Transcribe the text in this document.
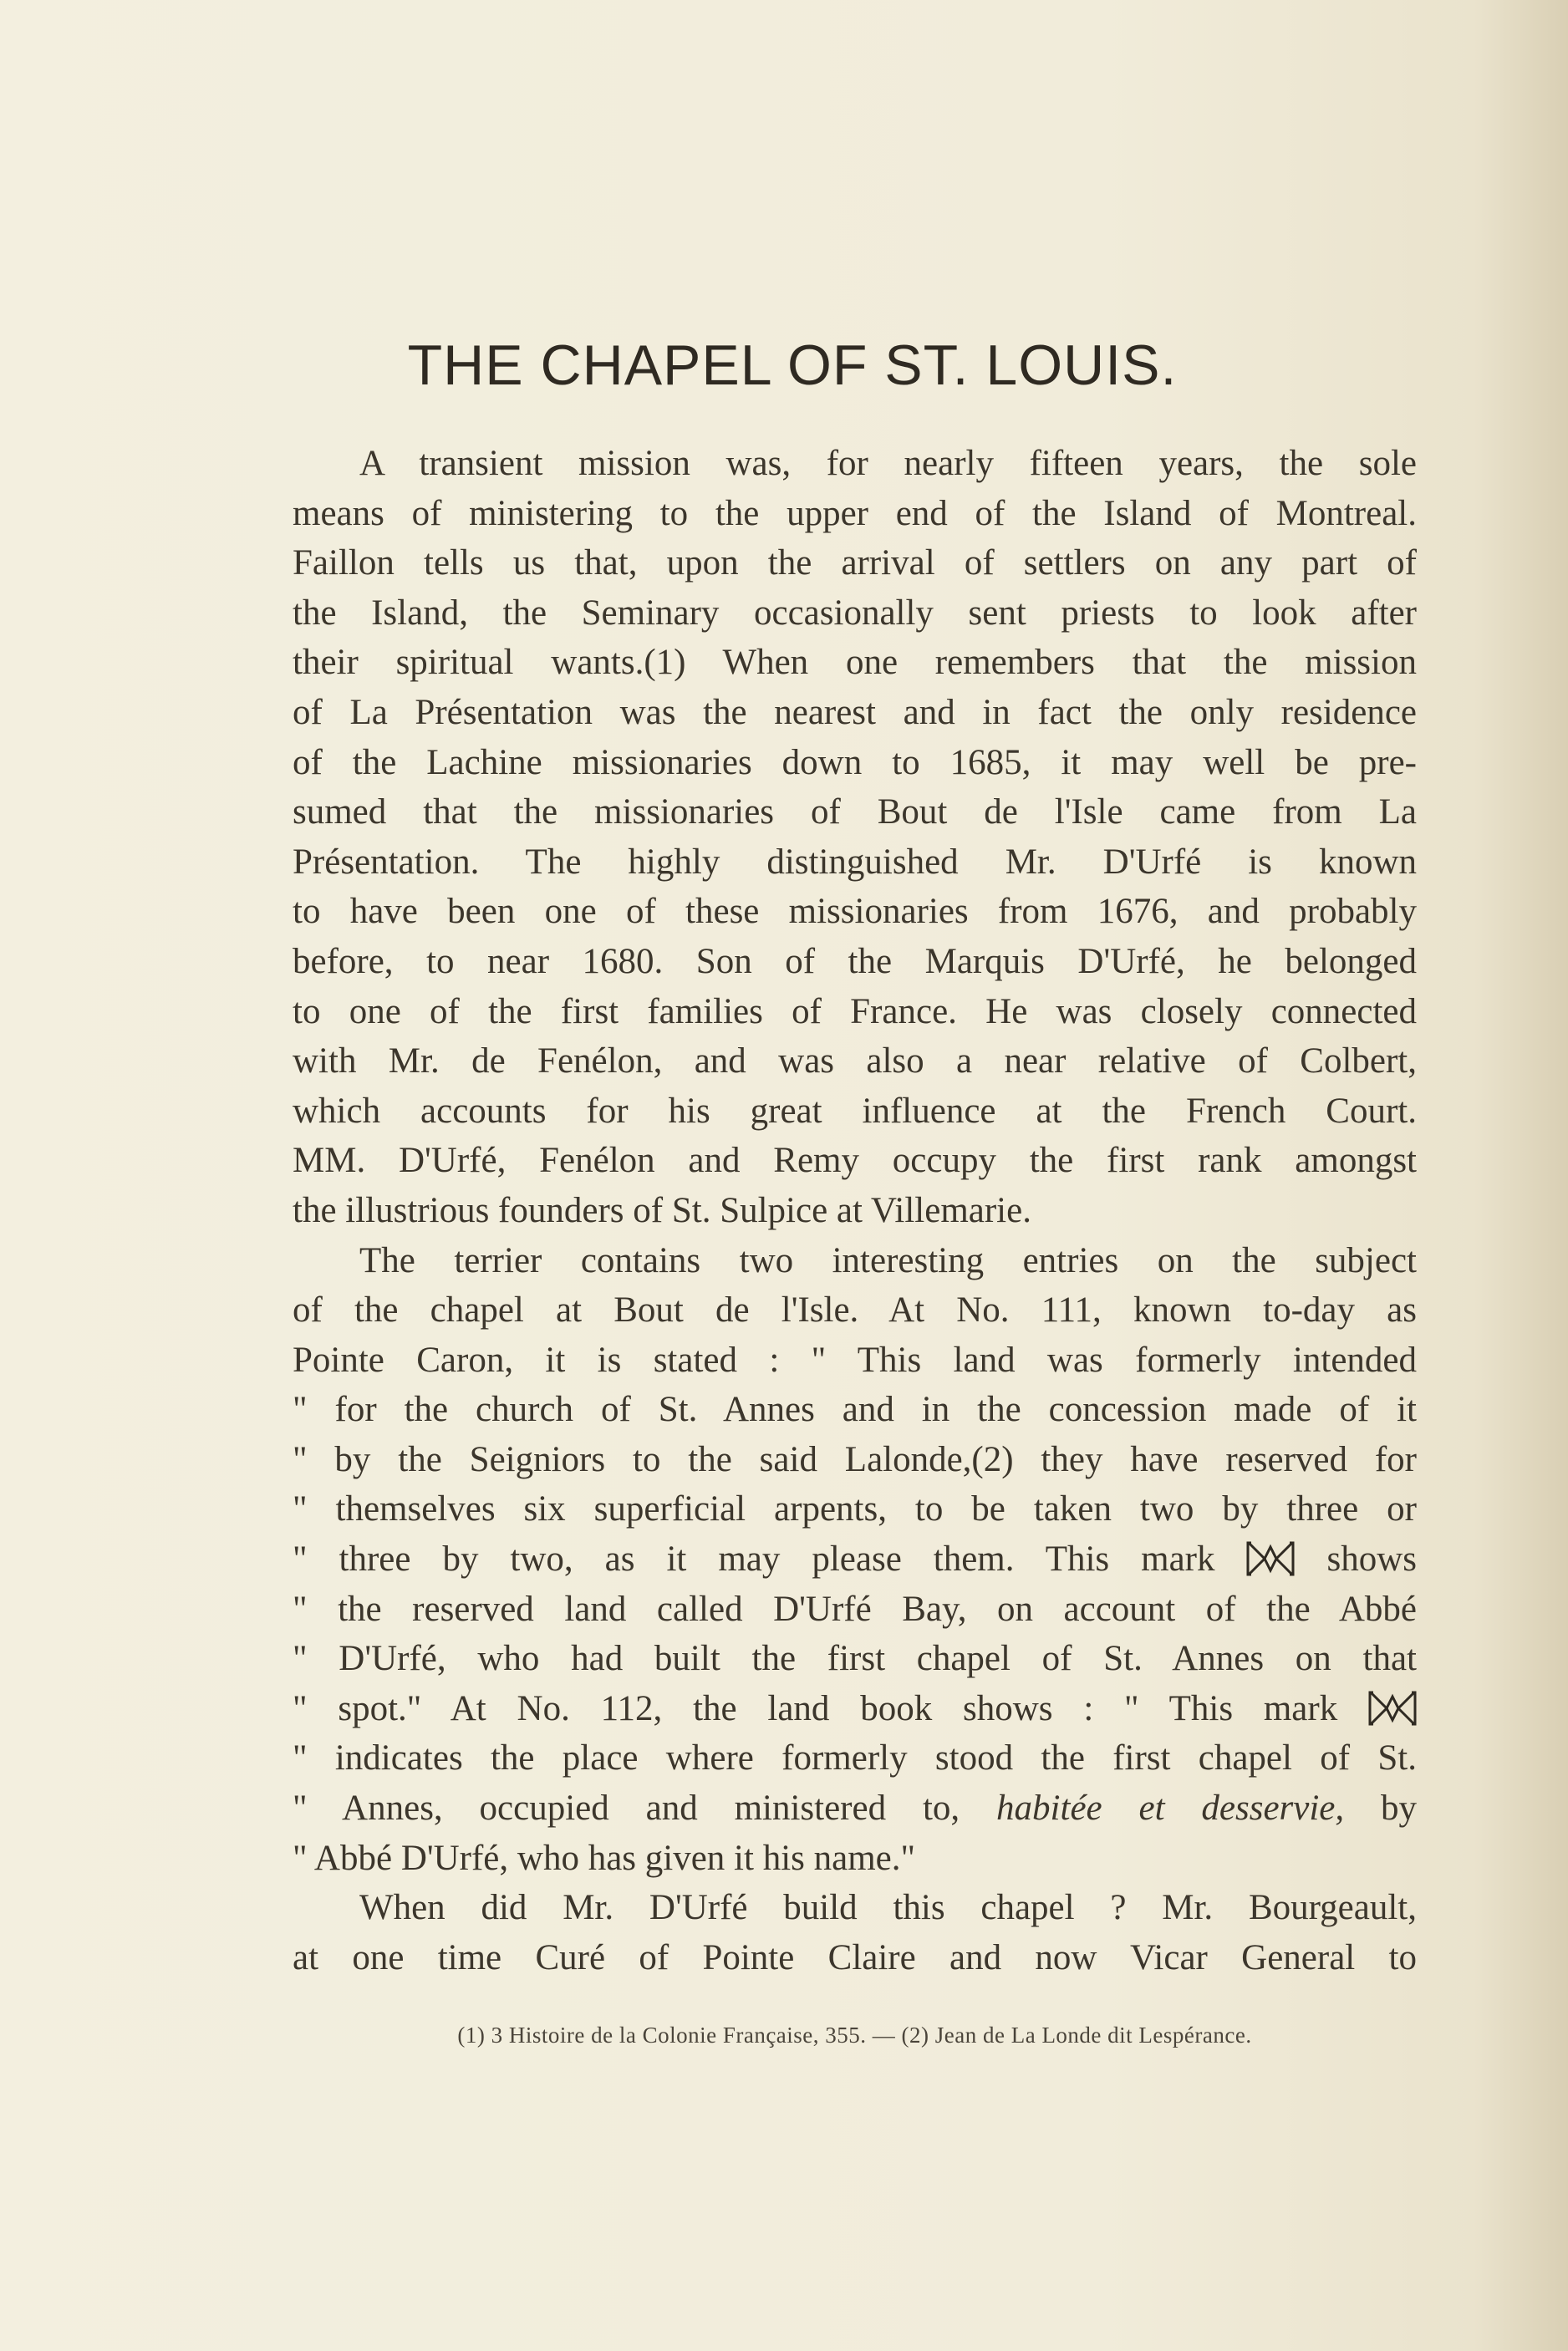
THE CHAPEL OF ST. LOUIS.
A transient mission was, for nearly fifteen years, the sole
means of ministering to the upper end of the Island of Montreal.
Faillon tells us that, upon the arrival of settlers on any part of
the Island, the Seminary occasionally sent priests to look after
their spiritual wants.(1) When one remembers that the mission
of La Présentation was the nearest and in fact the only residence
of the Lachine missionaries down to 1685, it may well be pre-
sumed that the missionaries of Bout de l'Isle came from La
Présentation. The highly distinguished Mr. D'Urfé is known
to have been one of these missionaries from 1676, and probably
before, to near 1680. Son of the Marquis D'Urfé, he belonged
to one of the first families of France. He was closely connected
with Mr. de Fenélon, and was also a near relative of Colbert,
which accounts for his great influence at the French Court.
MM. D'Urfé, Fenélon and Remy occupy the first rank amongst
the illustrious founders of St. Sulpice at Villemarie.
The terrier contains two interesting entries on the subject
of the chapel at Bout de l'Isle. At No. 111, known to-day as
Pointe Caron, it is stated : " This land was formerly intended
" for the church of St. Annes and in the concession made of it
" by the Seigniors to the said Lalonde,(2) they have reserved for
" themselves six superficial arpents, to be taken two by three or
" three by two, as it may please them. This mark	shows
" the reserved land called D'Urfé Bay, on account of the Abbé
" D'Urfé, who had built the first chapel of St. Annes on that
" spot." At No. 112, the land book shows : " This mark
" indicates the place where formerly stood the first chapel of St.
" Annes, occupied and ministered to, habitée et desservie, by
" Abbé D'Urfé, who has given it his name."
When did Mr. D'Urfé build this chapel ? Mr. Bourgeault,
at one time Curé of Pointe Claire and now Vicar General to
(1) 3 Histoire de la Colonie Française, 355. — (2) Jean de La Londe dit Lespérance.
